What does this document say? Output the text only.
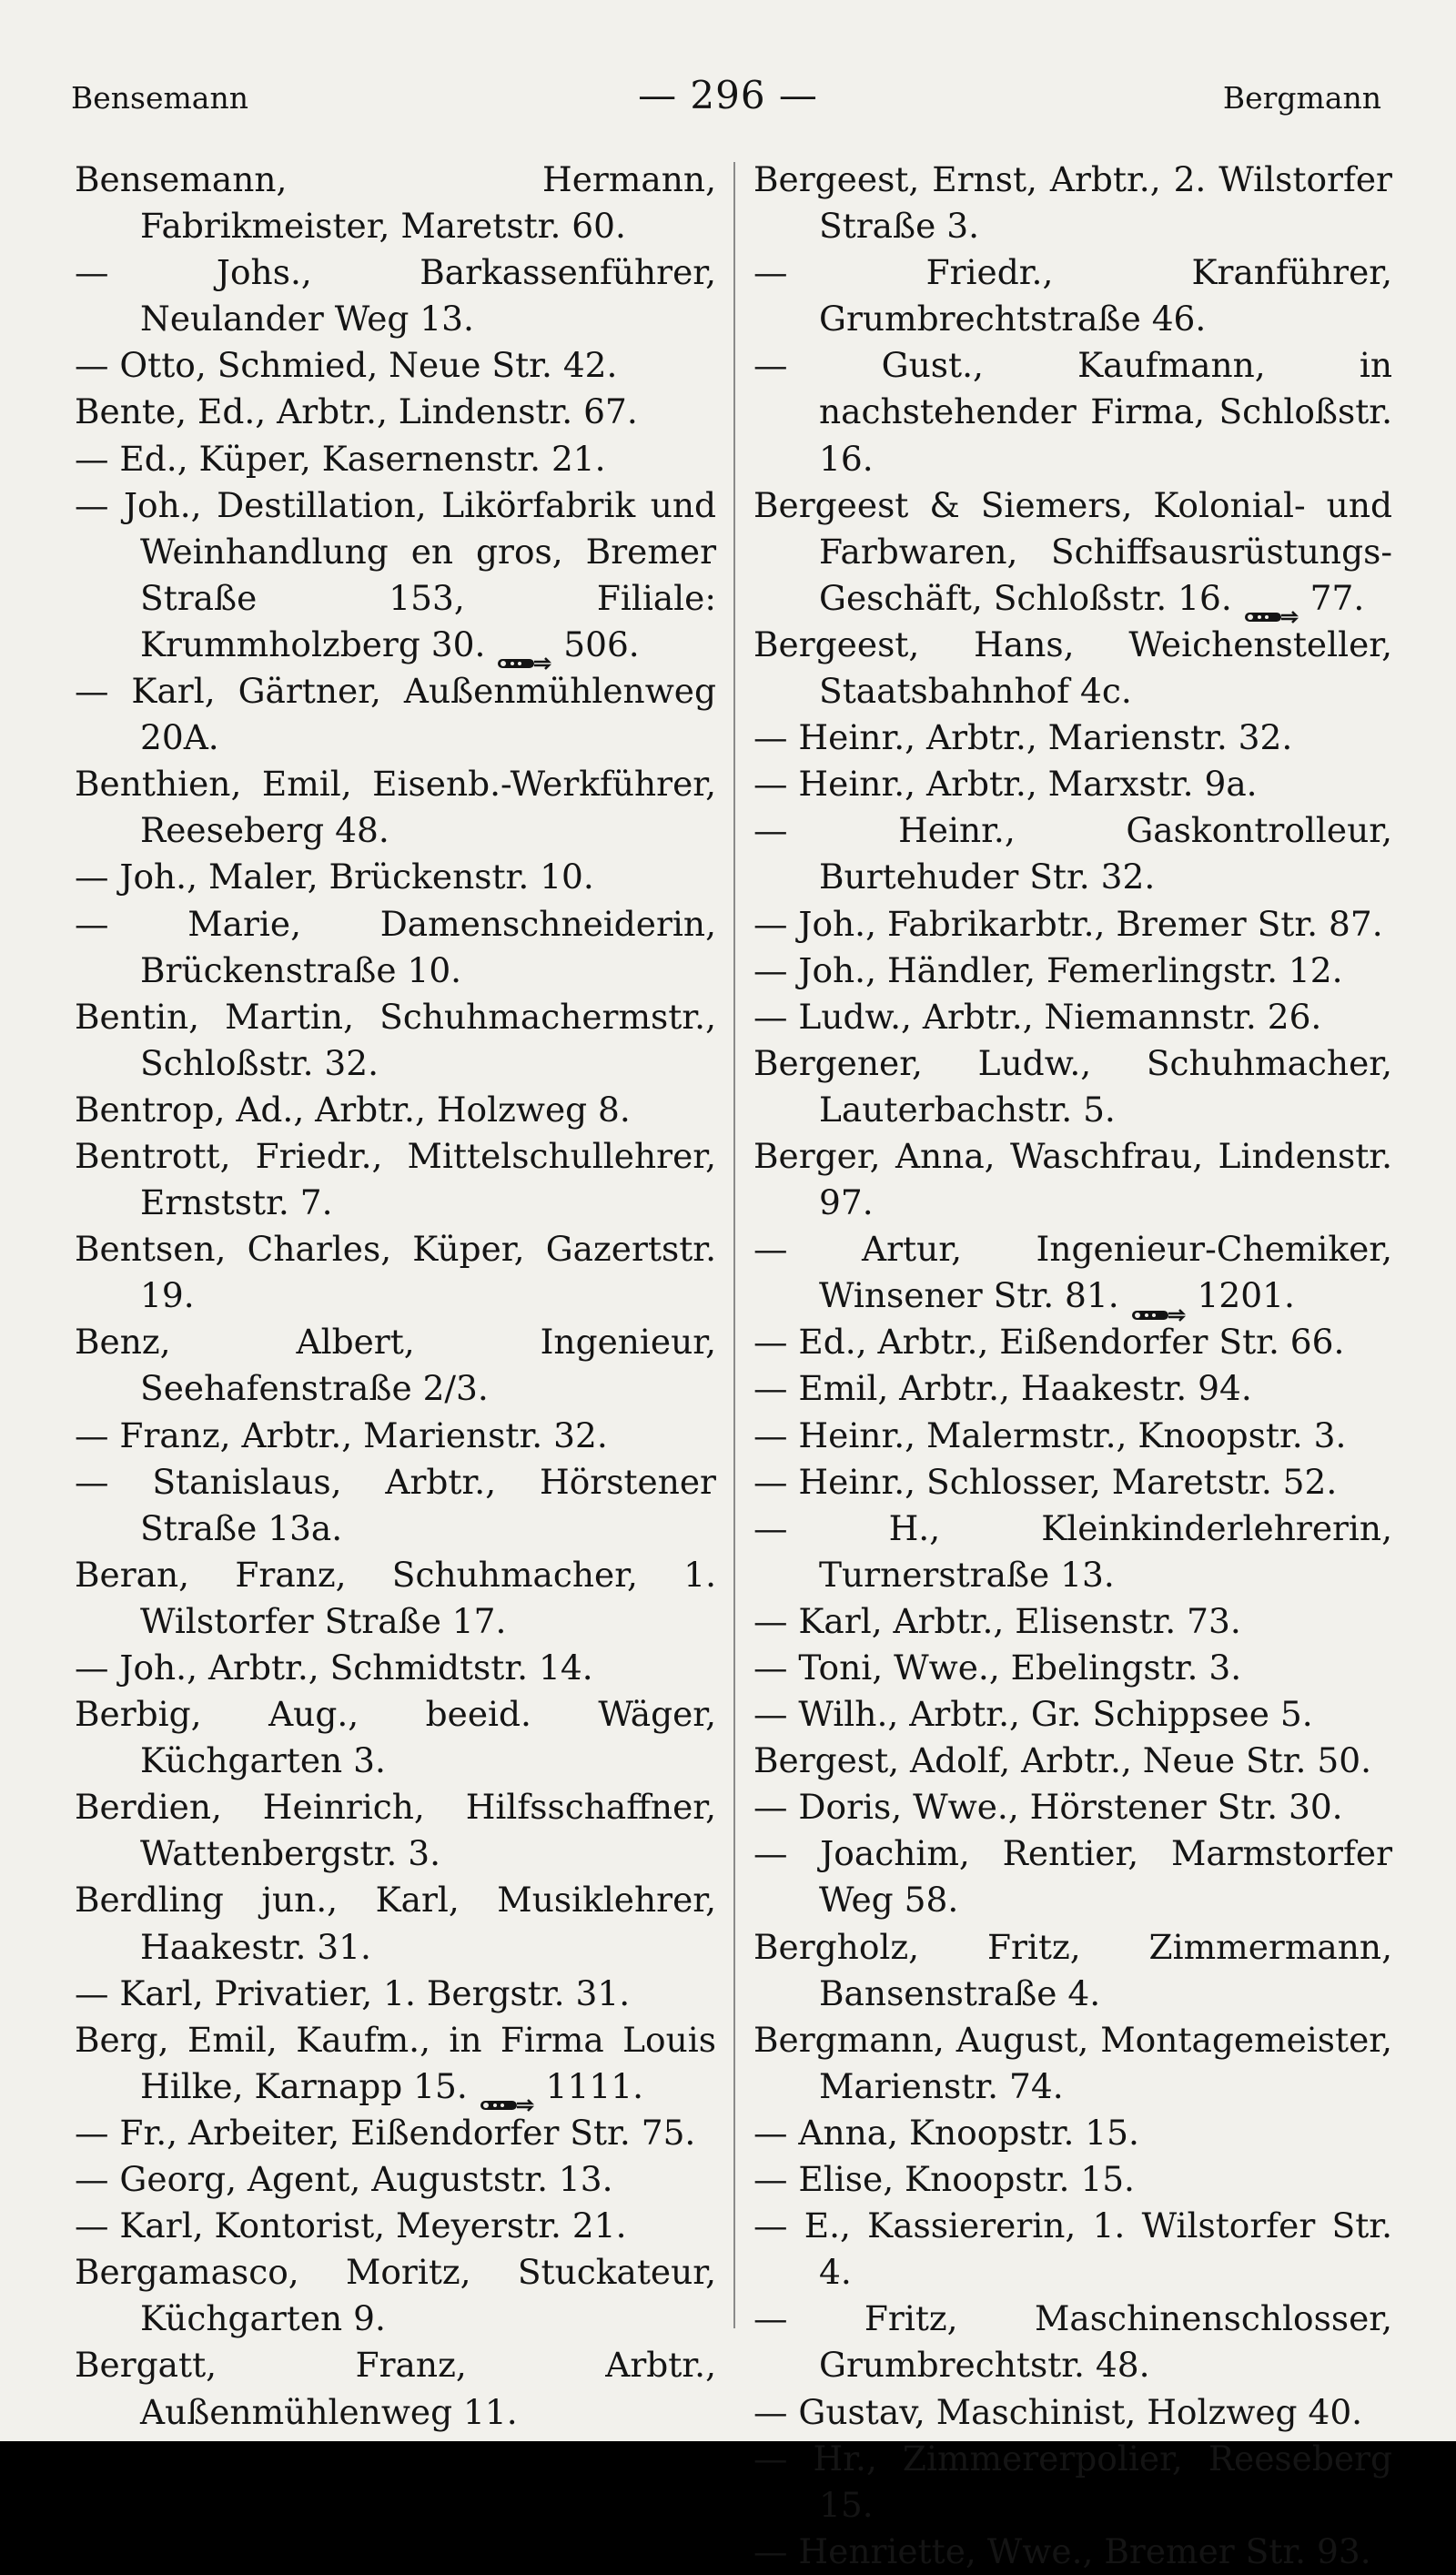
Bensemann	— 296 —	Bergmann
Bensemann, Hermann, Fabrikmeister, Maretstr. 60.
— Johs., Barkassenführer, Neulander Weg 13.
— Otto, Schmied, Neue Str. 42.
Bente, Ed., Arbtr., Lindenstr. 67.
— Ed., Küper, Kasernenstr. 21.
— Joh., Destillation, Likörfabrik und Weinhandlung en gros, Bremer Straße 153, Filiale: Krummholzberg 30. 506.
— Karl, Gärtner, Außenmühlenweg 20A.
Benthien, Emil, Eisenb.-Werkführer, Reeseberg 48.
— Joh., Maler, Brückenstr. 10.
— Marie, Damenschneiderin, Brückenstraße 10.
Bentin, Martin, Schuhmachermstr., Schloßstr. 32.
Bentrop, Ad., Arbtr., Holzweg 8.
Bentrott, Friedr., Mittelschullehrer, Ernststr. 7.
Bentsen, Charles, Küper, Gazertstr. 19.
Benz, Albert, Ingenieur, Seehafenstraße 2/3.
— Franz, Arbtr., Marienstr. 32.
— Stanislaus, Arbtr., Hörstener Straße 13a.
Beran, Franz, Schuhmacher, 1. Wilstorfer Straße 17.
— Joh., Arbtr., Schmidtstr. 14.
Berbig, Aug., beeid. Wäger, Küchgarten 3.
Berdien, Heinrich, Hilfsschaffner, Wattenbergstr. 3.
Berdling jun., Karl, Musiklehrer, Haakestr. 31.
— Karl, Privatier, 1. Bergstr. 31.
Berg, Emil, Kaufm., in Firma Louis Hilke, Karnapp 15. 1111.
— Fr., Arbeiter, Eißendorfer Str. 75.
— Georg, Agent, Auguststr. 13.
— Karl, Kontorist, Meyerstr. 21.
Bergamasco, Moritz, Stuckateur, Küchgarten 9.
Bergatt, Franz, Arbtr., Außenmühlenweg 11.
Bergeest, Ernst, Arbtr., 2. Wilstorfer Straße 3.
— Friedr., Kranführer, Grumbrechtstraße 46.
— Gust., Kaufmann, in nachstehender Firma, Schloßstr. 16.
Bergeest & Siemers, Kolonial- und Farbwaren, Schiffsausrüstungs-Geschäft, Schloßstr. 16. 77.
Bergeest, Hans, Weichensteller, Staatsbahnhof 4c.
— Heinr., Arbtr., Marienstr. 32.
— Heinr., Arbtr., Marxstr. 9a.
— Heinr., Gaskontrolleur, Burtehuder Str. 32.
— Joh., Fabrikarbtr., Bremer Str. 87.
— Joh., Händler, Femerlingstr. 12.
— Ludw., Arbtr., Niemannstr. 26.
Bergener, Ludw., Schuhmacher, Lauterbachstr. 5.
Berger, Anna, Waschfrau, Lindenstr. 97.
— Artur, Ingenieur-Chemiker, Winsener Str. 81. 1201.
— Ed., Arbtr., Eißendorfer Str. 66.
— Emil, Arbtr., Haakestr. 94.
— Heinr., Malermstr., Knoopstr. 3.
— Heinr., Schlosser, Maretstr. 52.
— H., Kleinkinderlehrerin, Turnerstraße 13.
— Karl, Arbtr., Elisenstr. 73.
— Toni, Wwe., Ebelingstr. 3.
— Wilh., Arbtr., Gr. Schippsee 5.
Bergest, Adolf, Arbtr., Neue Str. 50.
— Doris, Wwe., Hörstener Str. 30.
— Joachim, Rentier, Marmstorfer Weg 58.
Bergholz, Fritz, Zimmermann, Bansenstraße 4.
Bergmann, August, Montagemeister, Marienstr. 74.
— Anna, Knoopstr. 15.
— Elise, Knoopstr. 15.
— E., Kassiererin, 1. Wilstorfer Str. 4.
— Fritz, Maschinenschlosser, Grumbrechtstr. 48.
— Gustav, Maschinist, Holzweg 40.
— Hr., Zimmererpolier, Reeseberg 15.
— Henriette, Wwe., Bremer Str. 93.
